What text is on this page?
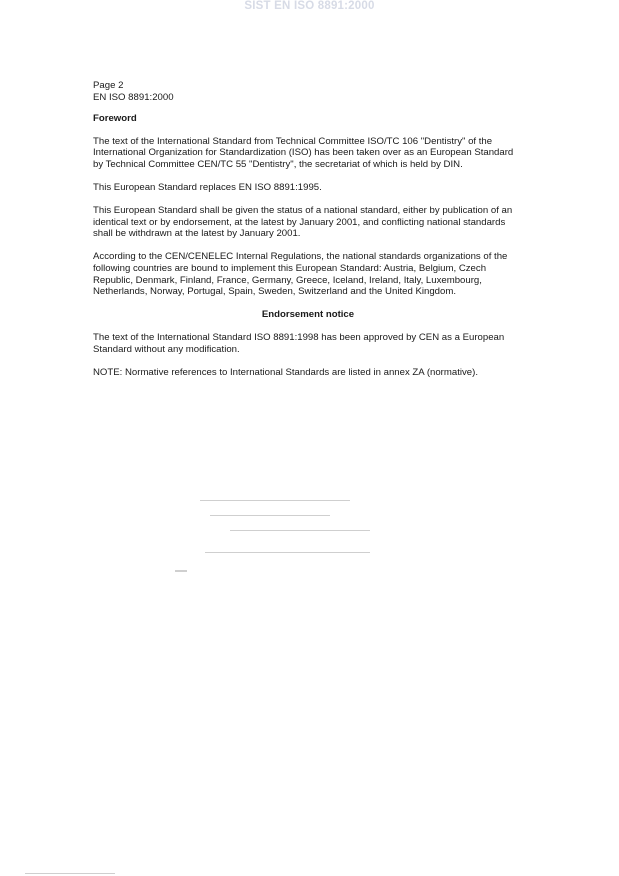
SIST EN ISO 8891:2000

Page 2

EN ISO 8891:2000

Foreword

The text of the International Standard from Technical Committee ISO/TC 106 "Dentistry" of the International Organization for Standardization (ISO) has been taken over as an European Standard by Technical Committee CEN/TC 55 "Dentistry", the secretariat of which is held by DIN.

This European Standard replaces EN ISO 8891:1995.

This European Standard shall be given the status of a national standard, either by publication of an identical text or by endorsement, at the latest by January 2001, and conflicting national standards shall be withdrawn at the latest by January 2001.

According to the CEN/CENELEC Internal Regulations, the national standards organizations of the following countries are bound to implement this European Standard: Austria, Belgium, Czech Republic, Denmark, Finland, France, Germany, Greece, Iceland, Ireland, Italy, Luxembourg, Netherlands, Norway, Portugal, Spain, Sweden, Switzerland and the United Kingdom.

Endorsement notice

The text of the International Standard ISO 8891:1998 has been approved by CEN as a European Standard without any modification.

NOTE: Normative references to International Standards are listed in annex ZA (normative).
